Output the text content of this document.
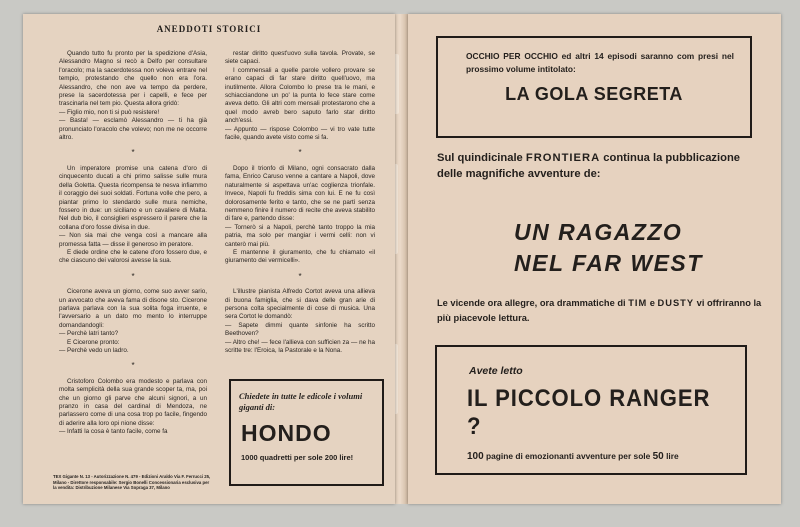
ANEDDOTI STORICI

Quando tutto fu pronto per la spedizione d'Asia, Alessandro Magno si recò a Delfo per consultare l'oracolo; ma la sacerdotessa non voleva entrare nel tempio, protestando che quello non era l'ora. Alessandro, che non ave va tempo da perdere, prese la sacerdotessa per i capelli, e fece per trascinarla nel tem pio. Questa allora gridò:

— Figlio mio, non ti si può resistere!

— Basta! — esclamò Alessandro — ti ha già pronunciato l'oracolo che volevo; non me ne occorre altro.

*

Un imperatore promise una catena d'oro di cinquecento ducati a chi primo salisse sulle mura della Goletta. Questa ricompensa te nesva infiammo il coraggio dei suoi soldati. Fortuna volle che pero, a piantar primo lo stendardo sulle mura nemiche, fossero in due: un siciliano e un cavaliere di Malta. Nel dub bio, il consiglieri espressero il parere che la collana d'oro fosse divisa in due.

— Non sia mai che venga così a mancare alla promessa fatta — disse il generoso im peratore.

E diede ordine che le catene d'oro fossero due, e che ciascuno dei valorosi avesse la sua.

*

Cicerone aveva un giorno, come suo avver sario, un avvocato che aveva fama di disone sto. Cicerone parlava parlava con la sua solita foga irruente, e l'avversario a un dato mo mento lo interruppe domandandogli:

— Perchè latri tanto?

E Cicerone pronto:

— Perchè vedo un ladro.

*

Cristoforo Colombo era modesto e parlava con molta semplicità della sua grande scoper ta, ma, poi che un giorno gli parve che alcuni signori, a un pranzo in casa del cardinal di Mendoza, ne parlassero come di una cosa trop po facile, fingendo di aderire alla loro opi nione disse:

— Infatti la cosa è tanto facile, come fa

restar diritto quest'uovo sulla tavola. Provate, se siete capaci.

I commensali a quelle parole vollero provare se erano capaci di far stare diritto quell'uovo, ma inutilmente. Allora Colombo lo prese tra le mani, e schiacciandone un po' la punta lo fece stare come aveva detto. Gli altri com mensali protestarono che a quel modo avreb bero saputo farlo star diritto anch'essi.

— Appunto — rispose Colombo — vi tro vate tutte facile, quando avete visto come si fa.

*

Dopo il trionfo di Milano, ogni consacrato dalla fama, Enrico Caruso venne a cantare a Napoli, dove naturalmente si aspettava un'ac coglienza trionfale. Invece, Napoli fu freddis sima con lui. E ne fu così dolorosamente ferito e tanto, che se ne partì senza nemmeno finire il numero di recite che aveva stabilito di fare e, partendo disse:

— Tornerò si a Napoli, perchè tanto troppo la mia patria, ma solo per mangiar i vermi celli: non vi canterò mai più.

E mantenne il giuramento, che fu chiamato «il giuramento dei vermicelli».

*

L'illustre pianista Alfredo Cortot aveva una allieva di buona famiglia, che si dava delle gran arie di persona colta specialmente di cose di musica. Una sera Cortot le domandò:

— Sapete dimmi quante sinfonie ha scritto Beethoven?

— Altro che! — fece l'allieva con sufficien za — ne ha scritte tre: l'Eroica, la Pastorale e la Nona.

Chiedete in tutte le edicole i volumi giganti di:
HONDO
1000 quadretti per sole 200 lire!
TEX Gigante N. 13 - Autorizzazione N. 479 - Edizioni Araldo Via F. Ferrucci 25, Milano - Direttore responsabile: Sergio Bonelli Concessionaria esclusiva per la vendita: Distribuzione Milanese Via Sopraga 37, Milano
OCCHIO PER OCCHIO ed altri 14 episodi saranno com presi nel prossimo volume intitolato:
LA GOLA SEGRETA
Sul quindicinale FRONTIERA continua la pubblicazione delle magnifiche avventure de:
UN RAGAZZO
NEL FAR WEST
Le vicende ora allegre, ora drammatiche di TIM e DUSTY vi offriranno la più piacevole lettura.
Avete letto
IL PICCOLO RANGER ?
100 pagine di emozionanti avventure per sole 50 lire
